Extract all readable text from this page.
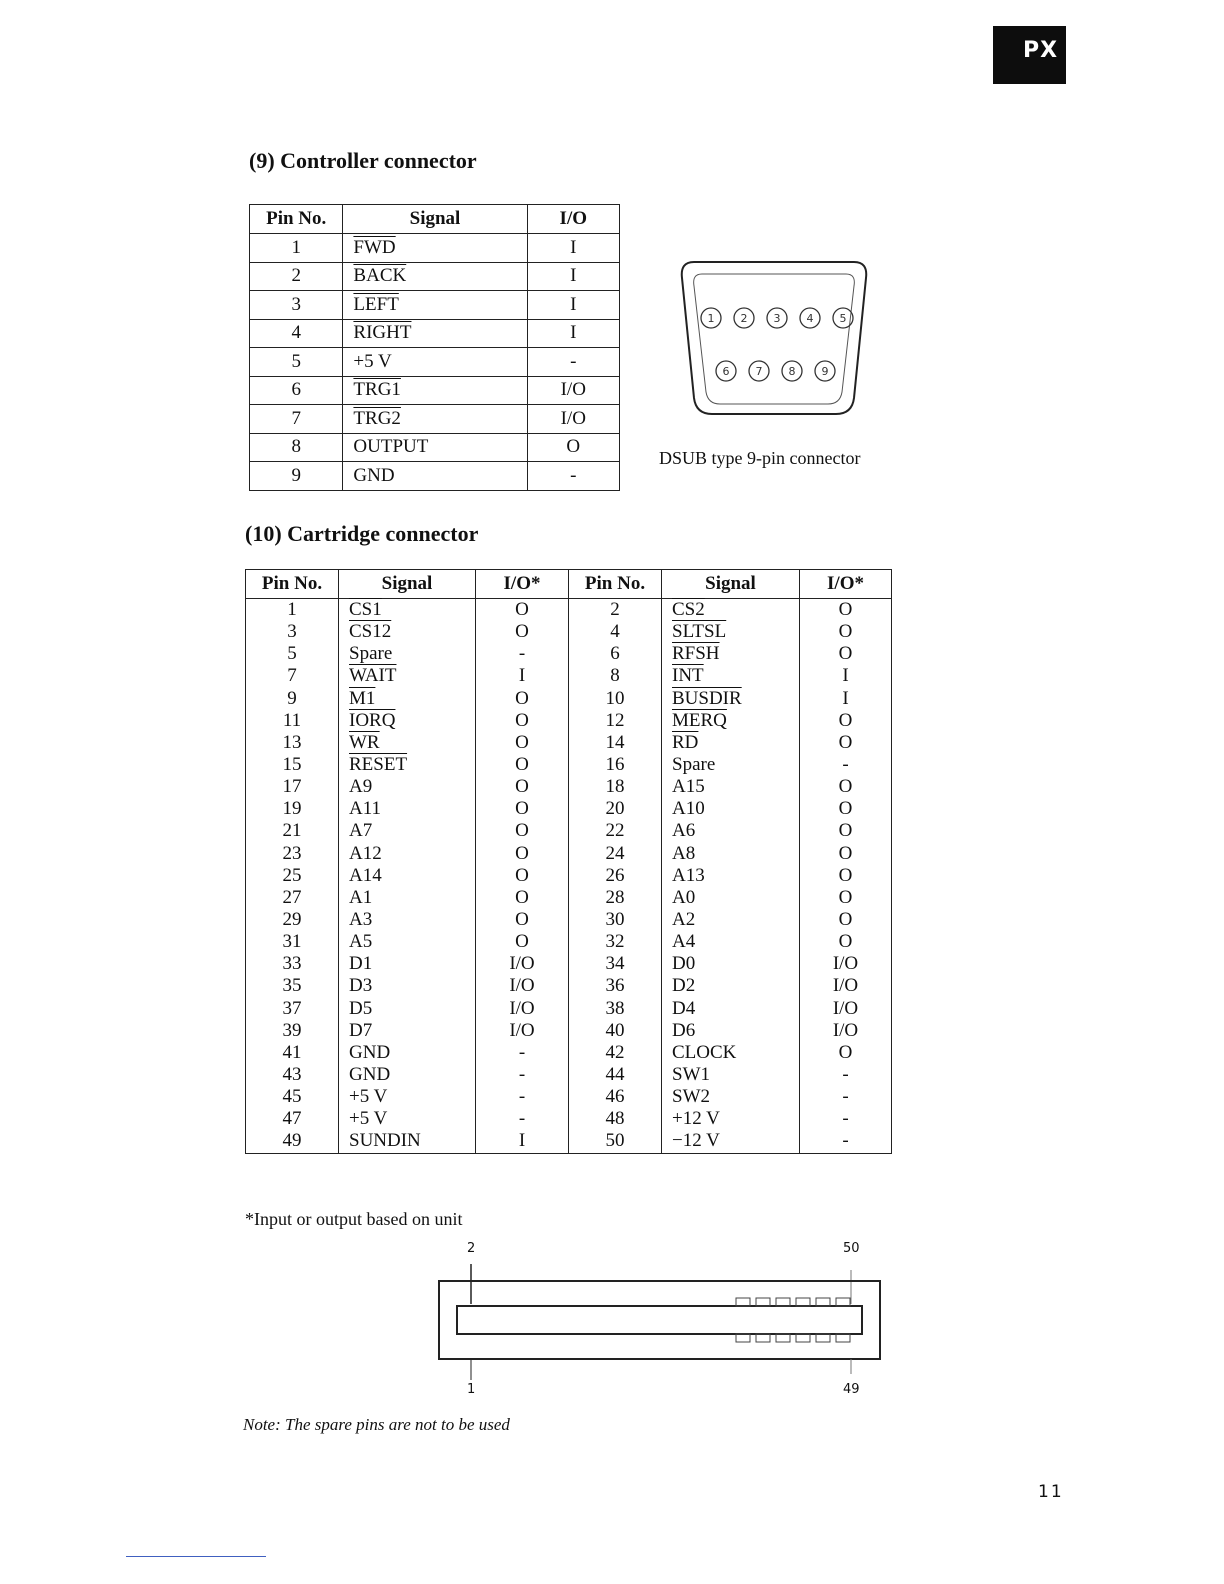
PX
(9) Controller connector
Pin No.	Signal	I/O
1	$\overline{FWD}$	I
2	BACK	I
3	LEFT	I
4	RIGHT	I
5	+5 V	-
6	TRG1	I/O
7	TRG2	I/O
8	OUTPUT	O
9	GND	-
1 2 3 4 5
6 7 8 9
DSUB type 9-pin connector
(10) Cartridge connector
Pin No.	Signal	I/O*	Pin No.	Signal	I/O*
1	CS1	O	2	CS2	O
3	CS12	O	4	SLTSL	O
5	Spare	-	6	RFSH	O
7	WAIT	I	8	$\overline{INT}$	I
9	M1	O	10	BUSDIR	I
11	IORQ	O	12	MERQ	O
13	$\overline{WR}$	O	14	$\overline{RD}$	O
15	RESET	O	16	Spare	-
17	A9	O	18	A15	O
19	A11	O	20	A10	O
21	A7	O	22	A6	O
23	A12	O	24	A8	O
25	A14	O	26	A13	O
27	A1	O	28	A0	O
29	A3	O	30	A2	O
31	A5	O	32	A4	O
33	D1	I/O	34	D0	I/O
35	D3	I/O	36	D2	I/O
37	D5	I/O	38	D4	I/O
39	D7	I/O	40	D6	I/O
41	GND	-	42	CLOCK	O
43	GND	-	44	SW1	-
45	+5 V	-	46	SW2	-
47	+5 V	-	48	+12 V	-
49	SUNDIN	I	50	−12 V	-
*Input or output based on unit
2	50
1	49
Note: The spare pins are not to be used
11
